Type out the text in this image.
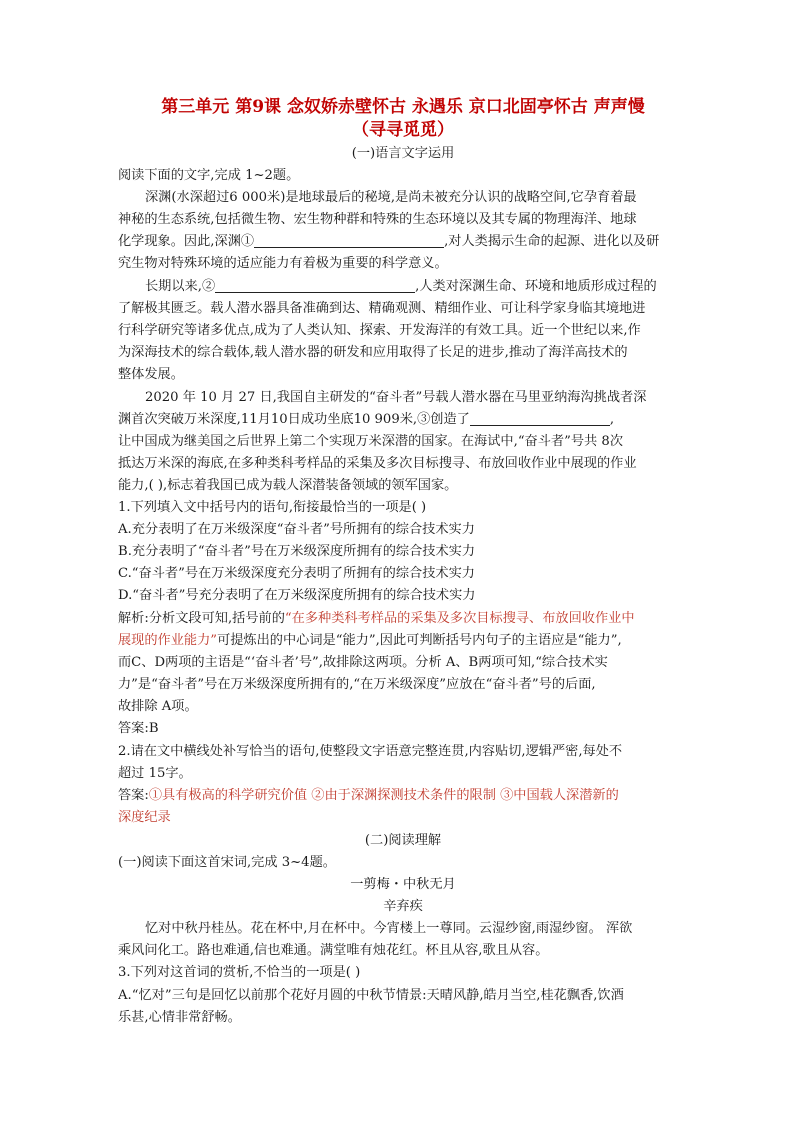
第三单元 第9课 念奴娇赤壁怀古 永遇乐 京口北固亭怀古 声声慢
（寻寻觅觅）
(一)语言文字运用
阅读下面的文字,完成 1~2题。
深渊(水深超过6 000米)是地球最后的秘境,是尚未被充分认识的战略空间,它孕育着最
神秘的生态系统,包括微生物、宏生物种群和特殊的生态环境以及其专属的物理海洋、地球
化学现象。因此,深渊①	,对人类揭示生命的起源、进化以及研
究生物对特殊环境的适应能力有着极为重要的科学意义。
长期以来,②	,人类对深渊生命、环境和地质形成过程的
了解极其匮乏。载人潜水器具备准确到达、精确观测、精细作业、可让科学家身临其境地进
行科学研究等诸多优点,成为了人类认知、探索、开发海洋的有效工具。近一个世纪以来,作
为深海技术的综合载体,载人潜水器的研发和应用取得了长足的进步,推动了海洋高技术的
整体发展。
2020 年 10 月 27 日,我国自主研发的“奋斗者”号载人潜水器在马里亚纳海沟挑战者深
渊首次突破万米深度,11月10日成功坐底10 909米,③创造了	,
让中国成为继美国之后世界上第二个实现万米深潜的国家。在海试中,“奋斗者”号共 8次
抵达万米深的海底,在多种类科考样品的采集及多次目标搜寻、布放回收作业中展现的作业
能力,( ),标志着我国已成为载人深潜装备领域的领军国家。
1.下列填入文中括号内的语句,衔接最恰当的一项是( )
A.充分表明了在万米级深度“奋斗者”号所拥有的综合技术实力
B.充分表明了“奋斗者”号在万米级深度所拥有的综合技术实力
C.“奋斗者”号在万米级深度充分表明了所拥有的综合技术实力
D.“奋斗者”号充分表明了在万米级深度所拥有的综合技术实力
解析:分析文段可知,括号前的“在多种类科考样品的采集及多次目标搜寻、布放回收作业中
展现的作业能力”可提炼出的中心词是“能力”,因此可判断括号内句子的主语应是“能力”,
而C、D两项的主语是“‘奋斗者’号”,故排除这两项。分析 A、B两项可知,“综合技术实
力”是“奋斗者”号在万米级深度所拥有的,“在万米级深度”应放在“奋斗者”号的后面,
故排除 A项。
答案:B
2.请在文中横线处补写恰当的语句,使整段文字语意完整连贯,内容贴切,逻辑严密,每处不
超过 15字。
答案:①具有极高的科学研究价值 ②由于深渊探测技术条件的限制 ③中国载人深潜新的
深度纪录
(二)阅读理解
(一)阅读下面这首宋词,完成 3~4题。
一剪梅・中秋无月
辛弃疾
忆对中秋丹桂丛。花在杯中,月在杯中。今宵楼上一尊同。云湿纱窗,雨湿纱窗。 浑欲
乘风问化工。路也难通,信也难通。满堂唯有烛花红。杯且从容,歌且从容。
3.下列对这首词的赏析,不恰当的一项是( )
A.“忆对”三句是回忆以前那个花好月圆的中秋节情景:天晴风静,皓月当空,桂花飘香,饮酒
乐甚,心情非常舒畅。
